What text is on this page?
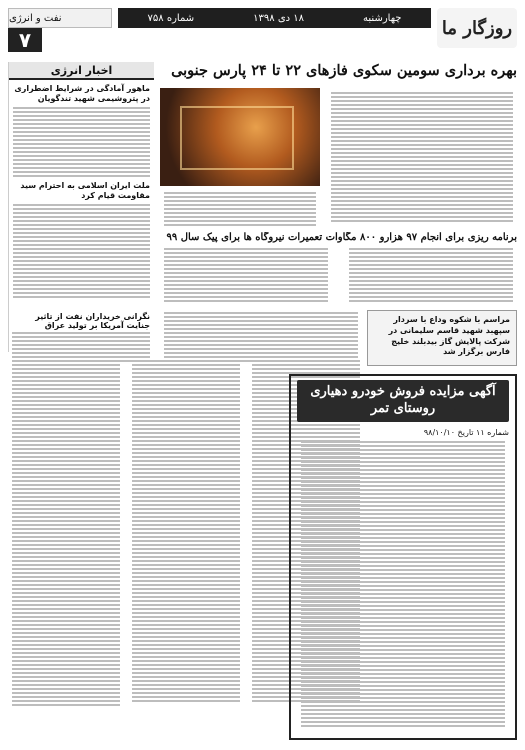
روزگار ما
چهارشنبه
۱۸ دی ۱۳۹۸
شماره ۷۵۸
نفت و انرژی
۷
اخبار انرژی
ماهور آمادگی در شرایط اضطراری در پتروشیمی شهید تندگویان
ملت ایران اسلامی به احترام سید مقاومت قیام کرد
نگرانی خریداران نفت از تاثیر جنایت آمریکا بر تولید عراق
بهره برداری سومین سکوی فازهای ۲۲ تا ۲۴ پارس جنوبی
برنامه ریزی برای انجام ۹۷ هزارو ۸۰۰ مگاوات تعمیرات نیروگاه ها برای پیک سال ۹۹
مراسم با شکوه وداع با سردار سپهبد شهید قاسم سلیمانی در شرکت پالایش گاز بیدبلند خلیج فارس برگزار شد
آگهی مزایده فروش خودرو دهیاری روستای تمر
شماره ۱۱ تاریخ ۹۸/۱۰/۱۰
